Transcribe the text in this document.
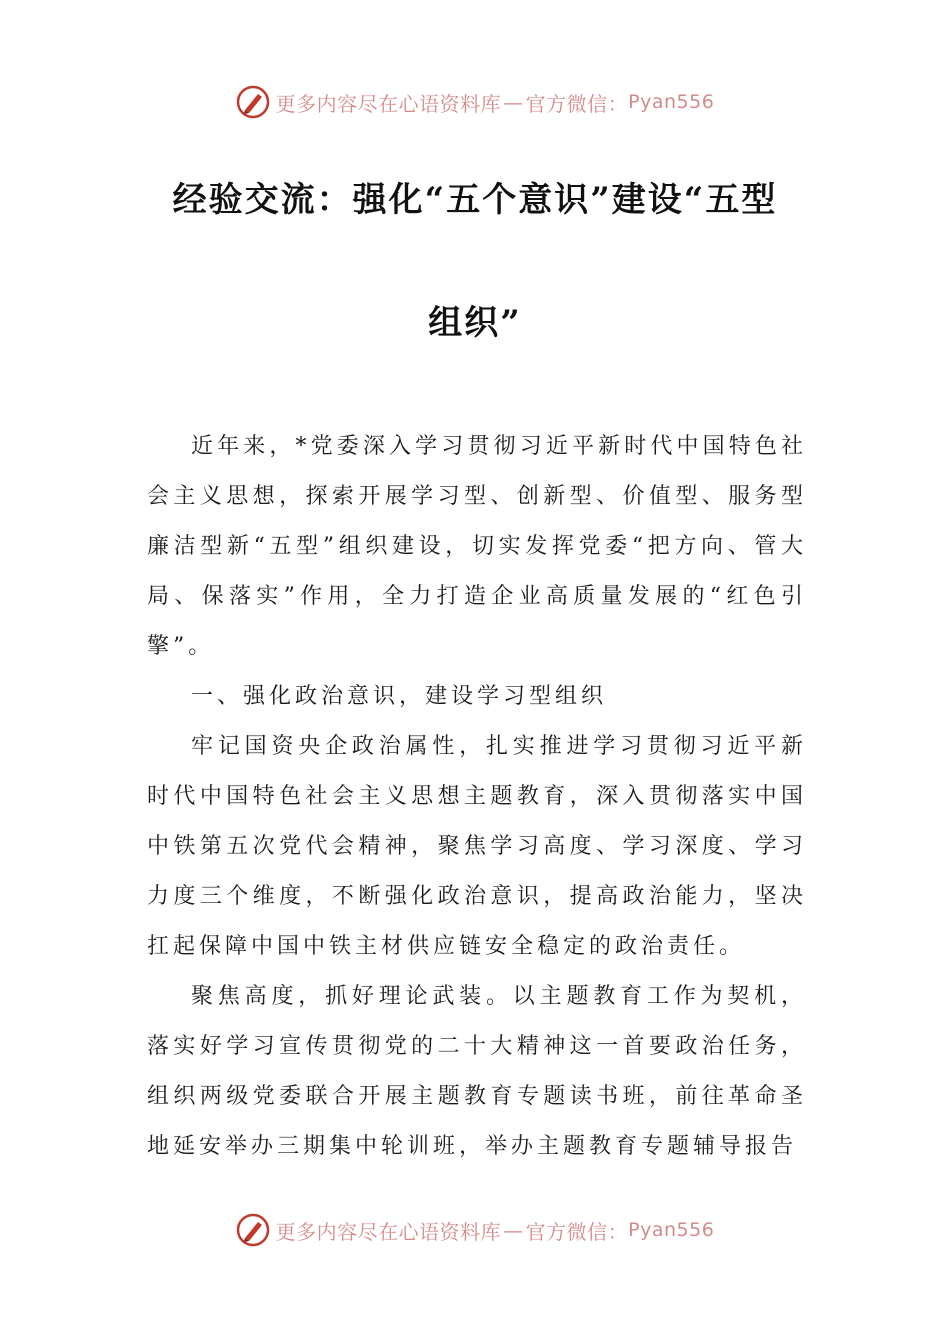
更多内容尽在心语资料库 — 官方微信： Pyan556
经验交流：强化“五个意识”建设“五型
组织”

近年来，*党委深入学习贯彻习近平新时代中国特色社会主义思想，探索开展学习型、创新型、价值型、服务型廉洁型新“五型”组织建设，切实发挥党委“把方向、管大局、保落实”作用，全力打造企业高质量发展的“红色引擎”。

一、强化政治意识，建设学习型组织

牢记国资央企政治属性，扎实推进学习贯彻习近平新时代中国特色社会主义思想主题教育，深入贯彻落实中国中铁第五次党代会精神，聚焦学习高度、学习深度、学习力度三个维度，不断强化政治意识，提高政治能力，坚决扛起保障中国中铁主材供应链安全稳定的政治责任。

聚焦高度，抓好理论武装。以主题教育工作为契机，落实好学习宣传贯彻党的二十大精神这一首要政治任务，组织两级党委联合开展主题教育专题读书班，前往革命圣地延安举办三期集中轮训班，举办主题教育专题辅导报告

更多内容尽在心语资料库 — 官方微信： Pyan556
